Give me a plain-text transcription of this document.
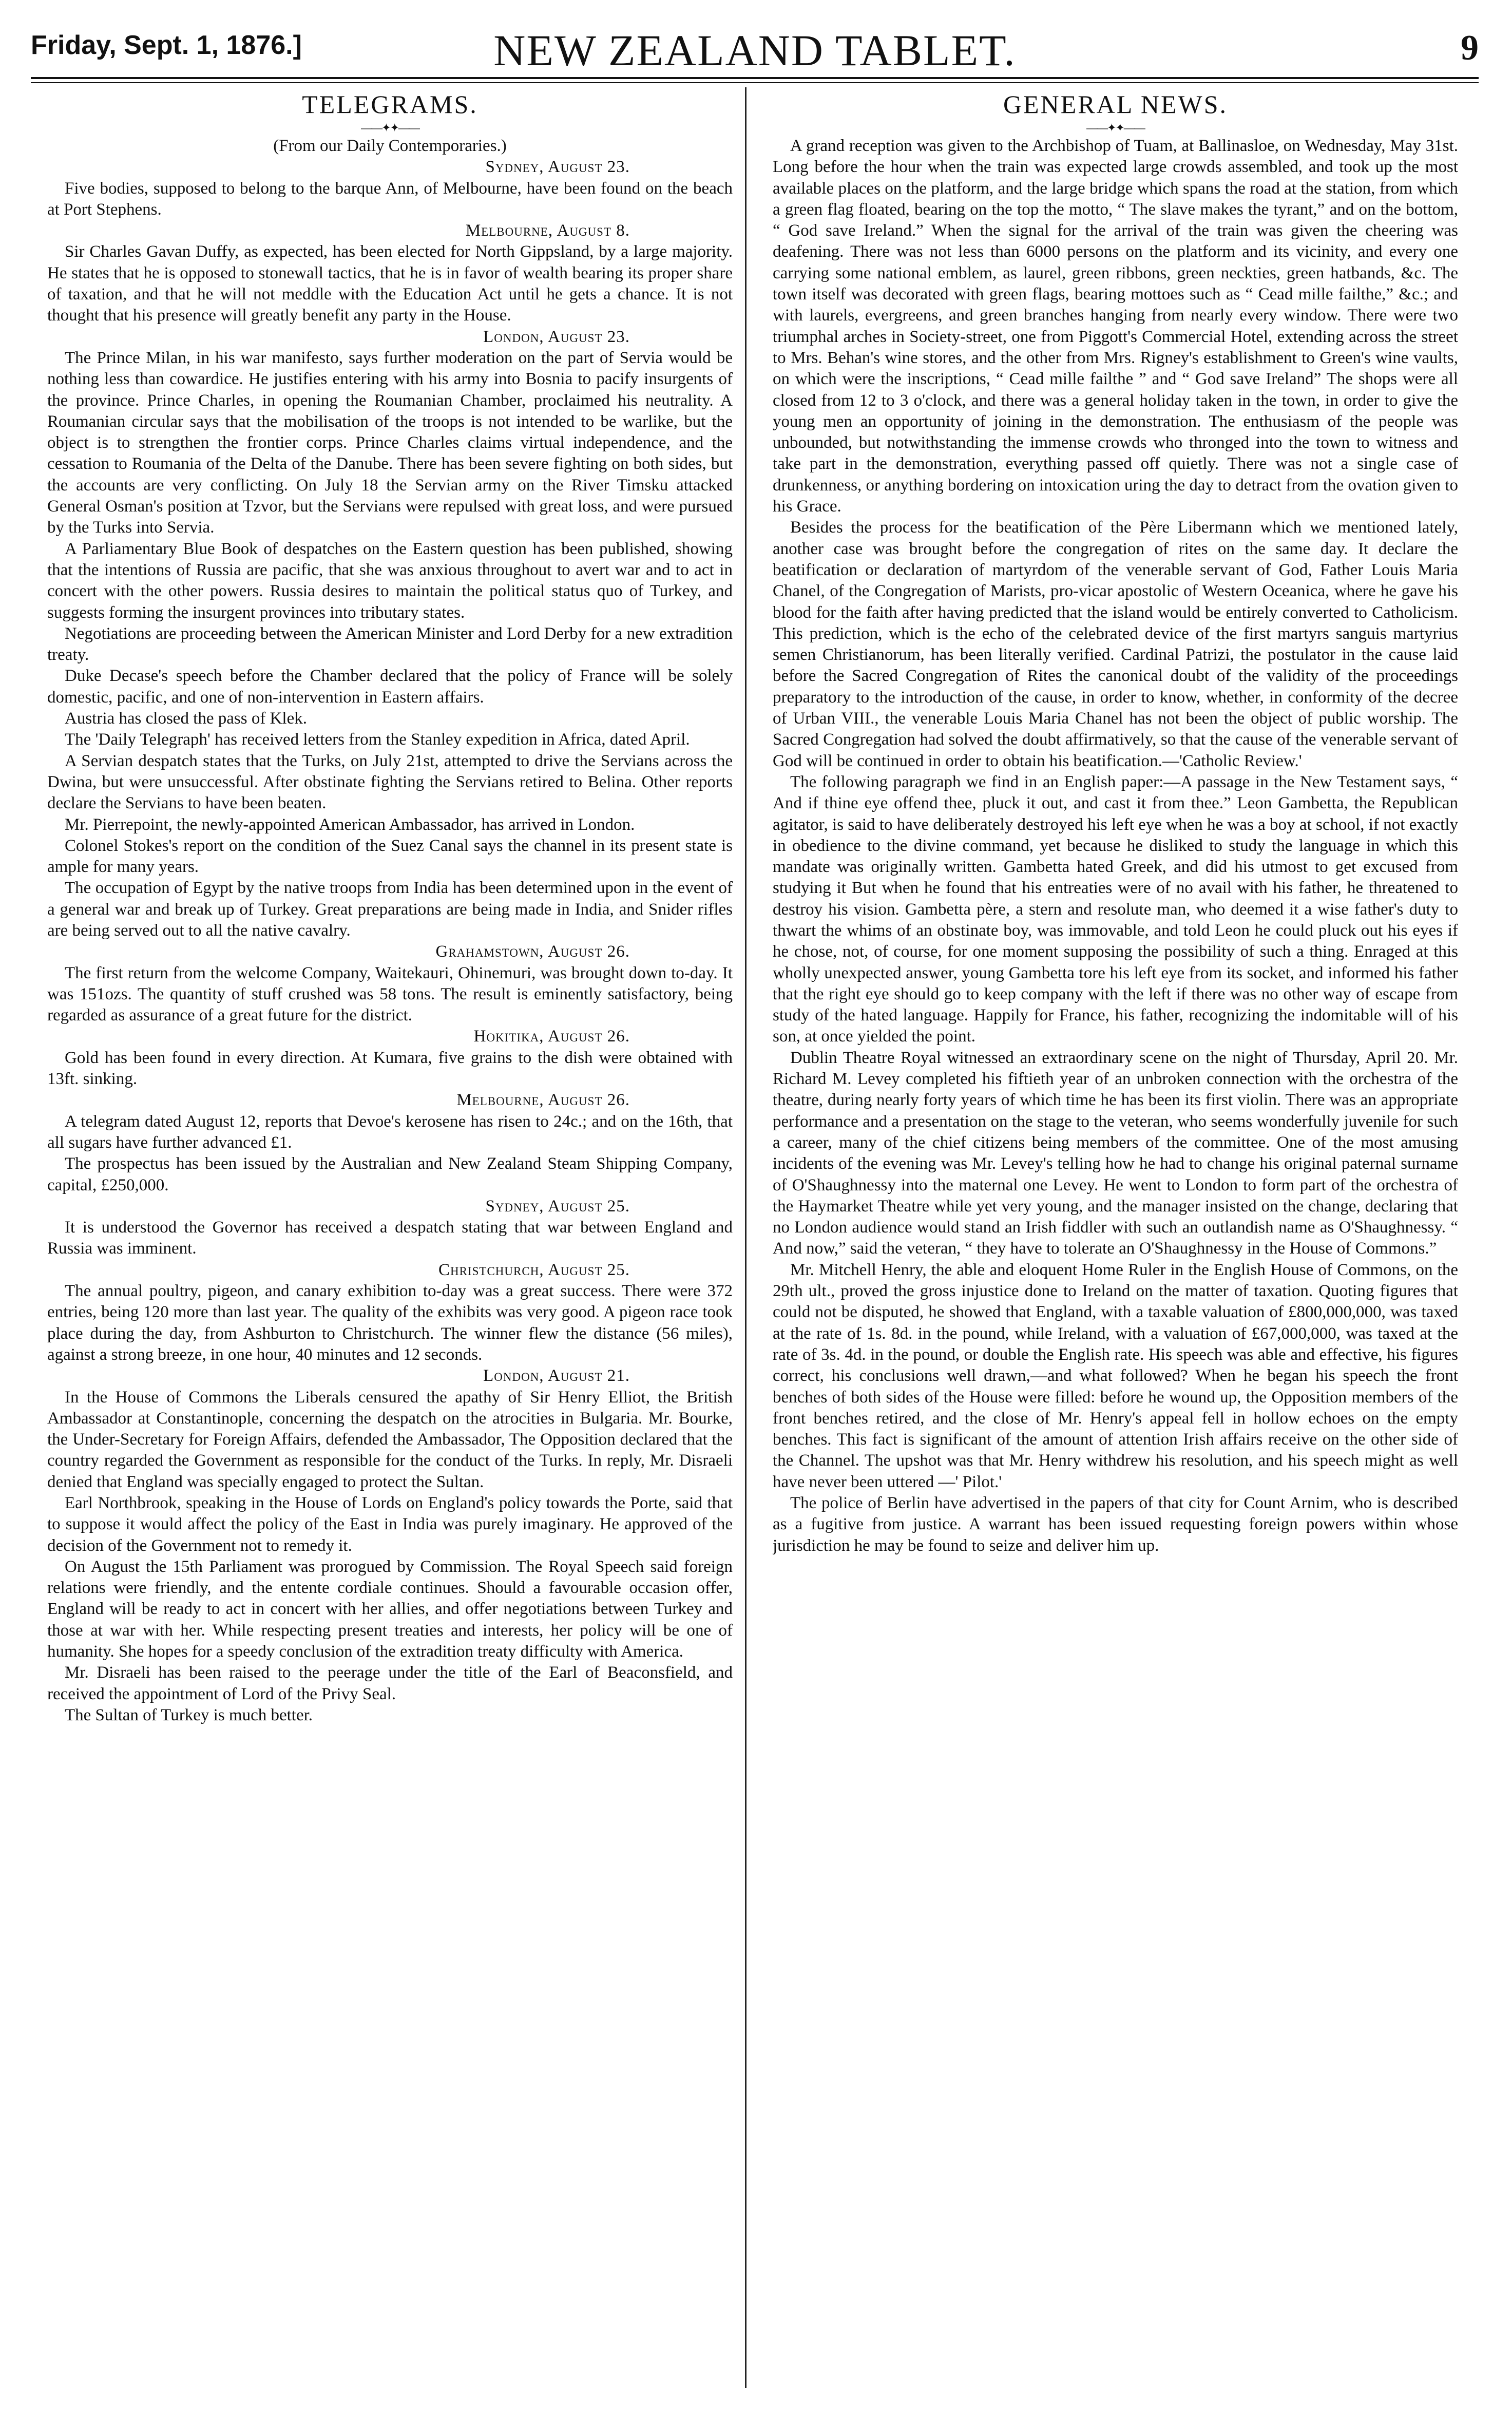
Friday, Sept. 1, 1876.]	NEW ZEALAND TABLET.	9
TELEGRAMS.
——✦✦——

(From our Daily Contemporaries.)

Sydney, August 23.

Five bodies, supposed to belong to the barque Ann, of Melbourne, have been found on the beach at Port Stephens.

Melbourne, August 8.

Sir Charles Gavan Duffy, as expected, has been elected for North Gippsland, by a large majority. He states that he is opposed to stonewall tactics, that he is in favor of wealth bearing its proper share of taxation, and that he will not meddle with the Education Act until he gets a chance. It is not thought that his presence will greatly benefit any party in the House.

London, August 23.

The Prince Milan, in his war manifesto, says further moderation on the part of Servia would be nothing less than cowardice. He justifies entering with his army into Bosnia to pacify insurgents of the province. Prince Charles, in opening the Roumanian Chamber, proclaimed his neutrality. A Roumanian circular says that the mobilisation of the troops is not intended to be warlike, but the object is to strengthen the frontier corps. Prince Charles claims virtual independence, and the cessation to Roumania of the Delta of the Danube. There has been severe fighting on both sides, but the accounts are very conflicting. On July 18 the Servian army on the River Timsku attacked General Osman's position at Tzvor, but the Servians were repulsed with great loss, and were pursued by the Turks into Servia.

A Parliamentary Blue Book of despatches on the Eastern question has been published, showing that the intentions of Russia are pacific, that she was anxious throughout to avert war and to act in concert with the other powers. Russia desires to maintain the political status quo of Turkey, and suggests forming the insurgent provinces into tributary states.

Negotiations are proceeding between the American Minister and Lord Derby for a new extradition treaty.

Duke Decase's speech before the Chamber declared that the policy of France will be solely domestic, pacific, and one of non-intervention in Eastern affairs.

Austria has closed the pass of Klek.

The 'Daily Telegraph' has received letters from the Stanley expedition in Africa, dated April.

A Servian despatch states that the Turks, on July 21st, attempted to drive the Servians across the Dwina, but were unsuccessful. After obstinate fighting the Servians retired to Belina. Other reports declare the Servians to have been beaten.

Mr. Pierrepoint, the newly-appointed American Ambassador, has arrived in London.

Colonel Stokes's report on the condition of the Suez Canal says the channel in its present state is ample for many years.

The occupation of Egypt by the native troops from India has been determined upon in the event of a general war and break up of Turkey. Great preparations are being made in India, and Snider rifles are being served out to all the native cavalry.

Grahamstown, August 26.

The first return from the welcome Company, Waitekauri, Ohinemuri, was brought down to-day. It was 151ozs. The quantity of stuff crushed was 58 tons. The result is eminently satisfactory, being regarded as assurance of a great future for the district.

Hokitika, August 26.

Gold has been found in every direction. At Kumara, five grains to the dish were obtained with 13ft. sinking.

Melbourne, August 26.

A telegram dated August 12, reports that Devoe's kerosene has risen to 24c.; and on the 16th, that all sugars have further advanced £1.

The prospectus has been issued by the Australian and New Zealand Steam Shipping Company, capital, £250,000.

Sydney, August 25.

It is understood the Governor has received a despatch stating that war between England and Russia was imminent.

Christchurch, August 25.

The annual poultry, pigeon, and canary exhibition to-day was a great success. There were 372 entries, being 120 more than last year. The quality of the exhibits was very good. A pigeon race took place during the day, from Ashburton to Christchurch. The winner flew the distance (56 miles), against a strong breeze, in one hour, 40 minutes and 12 seconds.

London, August 21.

In the House of Commons the Liberals censured the apathy of Sir Henry Elliot, the British Ambassador at Constantinople, concerning the despatch on the atrocities in Bulgaria. Mr. Bourke, the Under-Secretary for Foreign Affairs, defended the Ambassador, The Opposition declared that the country regarded the Government as responsible for the conduct of the Turks. In reply, Mr. Disraeli denied that England was specially engaged to protect the Sultan.

Earl Northbrook, speaking in the House of Lords on England's policy towards the Porte, said that to suppose it would affect the policy of the East in India was purely imaginary. He approved of the decision of the Government not to remedy it.

On August the 15th Parliament was prorogued by Commission. The Royal Speech said foreign relations were friendly, and the entente cordiale continues. Should a favourable occasion offer, England will be ready to act in concert with her allies, and offer negotiations between Turkey and those at war with her. While respecting present treaties and interests, her policy will be one of humanity. She hopes for a speedy conclusion of the extradition treaty difficulty with America.

Mr. Disraeli has been raised to the peerage under the title of the Earl of Beaconsfield, and received the appointment of Lord of the Privy Seal.

The Sultan of Turkey is much better.

GENERAL NEWS.
——✦✦——

A grand reception was given to the Archbishop of Tuam, at Ballinasloe, on Wednesday, May 31st. Long before the hour when the train was expected large crowds assembled, and took up the most available places on the platform, and the large bridge which spans the road at the station, from which a green flag floated, bearing on the top the motto, “ The slave makes the tyrant,” and on the bottom, “ God save Ireland.” When the signal for the arrival of the train was given the cheering was deafening. There was not less than 6000 persons on the platform and its vicinity, and every one carrying some national emblem, as laurel, green ribbons, green neckties, green hatbands, &c. The town itself was decorated with green flags, bearing mottoes such as “ Cead mille failthe,” &c.; and with laurels, evergreens, and green branches hanging from nearly every window. There were two triumphal arches in Society-street, one from Piggott's Commercial Hotel, extending across the street to Mrs. Behan's wine stores, and the other from Mrs. Rigney's establishment to Green's wine vaults, on which were the inscriptions, “ Cead mille failthe ” and “ God save Ireland” The shops were all closed from 12 to 3 o'clock, and there was a general holiday taken in the town, in order to give the young men an opportunity of joining in the demonstration. The enthusiasm of the people was unbounded, but notwithstanding the immense crowds who thronged into the town to witness and take part in the demonstration, everything passed off quietly. There was not a single case of drunkenness, or anything bordering on intoxication uring the day to detract from the ovation given to his Grace.

Besides the process for the beatification of the Père Libermann which we mentioned lately, another case was brought before the congregation of rites on the same day. It declare the beatification or declaration of martyrdom of the venerable servant of God, Father Louis Maria Chanel, of the Congregation of Marists, pro-vicar apostolic of Western Oceanica, where he gave his blood for the faith after having predicted that the island would be entirely converted to Catholicism. This prediction, which is the echo of the celebrated device of the first martyrs sanguis martyrius semen Christianorum, has been literally verified. Cardinal Patrizi, the postulator in the cause laid before the Sacred Congregation of Rites the canonical doubt of the validity of the proceedings preparatory to the introduction of the cause, in order to know, whether, in conformity of the decree of Urban VIII., the venerable Louis Maria Chanel has not been the object of public worship. The Sacred Congregation had solved the doubt affirmatively, so that the cause of the venerable servant of God will be continued in order to obtain his beatification.—'Catholic Review.'

The following paragraph we find in an English paper:—A passage in the New Testament says, “ And if thine eye offend thee, pluck it out, and cast it from thee.” Leon Gambetta, the Republican agitator, is said to have deliberately destroyed his left eye when he was a boy at school, if not exactly in obedience to the divine command, yet because he disliked to study the language in which this mandate was originally written. Gambetta hated Greek, and did his utmost to get excused from studying it But when he found that his entreaties were of no avail with his father, he threatened to destroy his vision. Gambetta père, a stern and resolute man, who deemed it a wise father's duty to thwart the whims of an obstinate boy, was immovable, and told Leon he could pluck out his eyes if he chose, not, of course, for one moment supposing the possibility of such a thing. Enraged at this wholly unexpected answer, young Gambetta tore his left eye from its socket, and informed his father that the right eye should go to keep company with the left if there was no other way of escape from study of the hated language. Happily for France, his father, recognizing the indomitable will of his son, at once yielded the point.

Dublin Theatre Royal witnessed an extraordinary scene on the night of Thursday, April 20. Mr. Richard M. Levey completed his fiftieth year of an unbroken connection with the orchestra of the theatre, during nearly forty years of which time he has been its first violin. There was an appropriate performance and a presentation on the stage to the veteran, who seems wonderfully juvenile for such a career, many of the chief citizens being members of the committee. One of the most amusing incidents of the evening was Mr. Levey's telling how he had to change his original paternal surname of O'Shaughnessy into the maternal one Levey. He went to London to form part of the orchestra of the Haymarket Theatre while yet very young, and the manager insisted on the change, declaring that no London audience would stand an Irish fiddler with such an outlandish name as O'Shaughnessy. “ And now,” said the veteran, “ they have to tolerate an O'Shaughnessy in the House of Commons.”

Mr. Mitchell Henry, the able and eloquent Home Ruler in the English House of Commons, on the 29th ult., proved the gross injustice done to Ireland on the matter of taxation. Quoting figures that could not be disputed, he showed that England, with a taxable valuation of £800,000,000, was taxed at the rate of 1s. 8d. in the pound, while Ireland, with a valuation of £67,000,000, was taxed at the rate of 3s. 4d. in the pound, or double the English rate. His speech was able and effective, his figures correct, his conclusions well drawn,—and what followed? When he began his speech the front benches of both sides of the House were filled: before he wound up, the Opposition members of the front benches retired, and the close of Mr. Henry's appeal fell in hollow echoes on the empty benches. This fact is significant of the amount of attention Irish affairs receive on the other side of the Channel. The upshot was that Mr. Henry withdrew his resolution, and his speech might as well have never been uttered —' Pilot.'

The police of Berlin have advertised in the papers of that city for Count Arnim, who is described as a fugitive from justice. A warrant has been issued requesting foreign powers within whose jurisdiction he may be found to seize and deliver him up.
